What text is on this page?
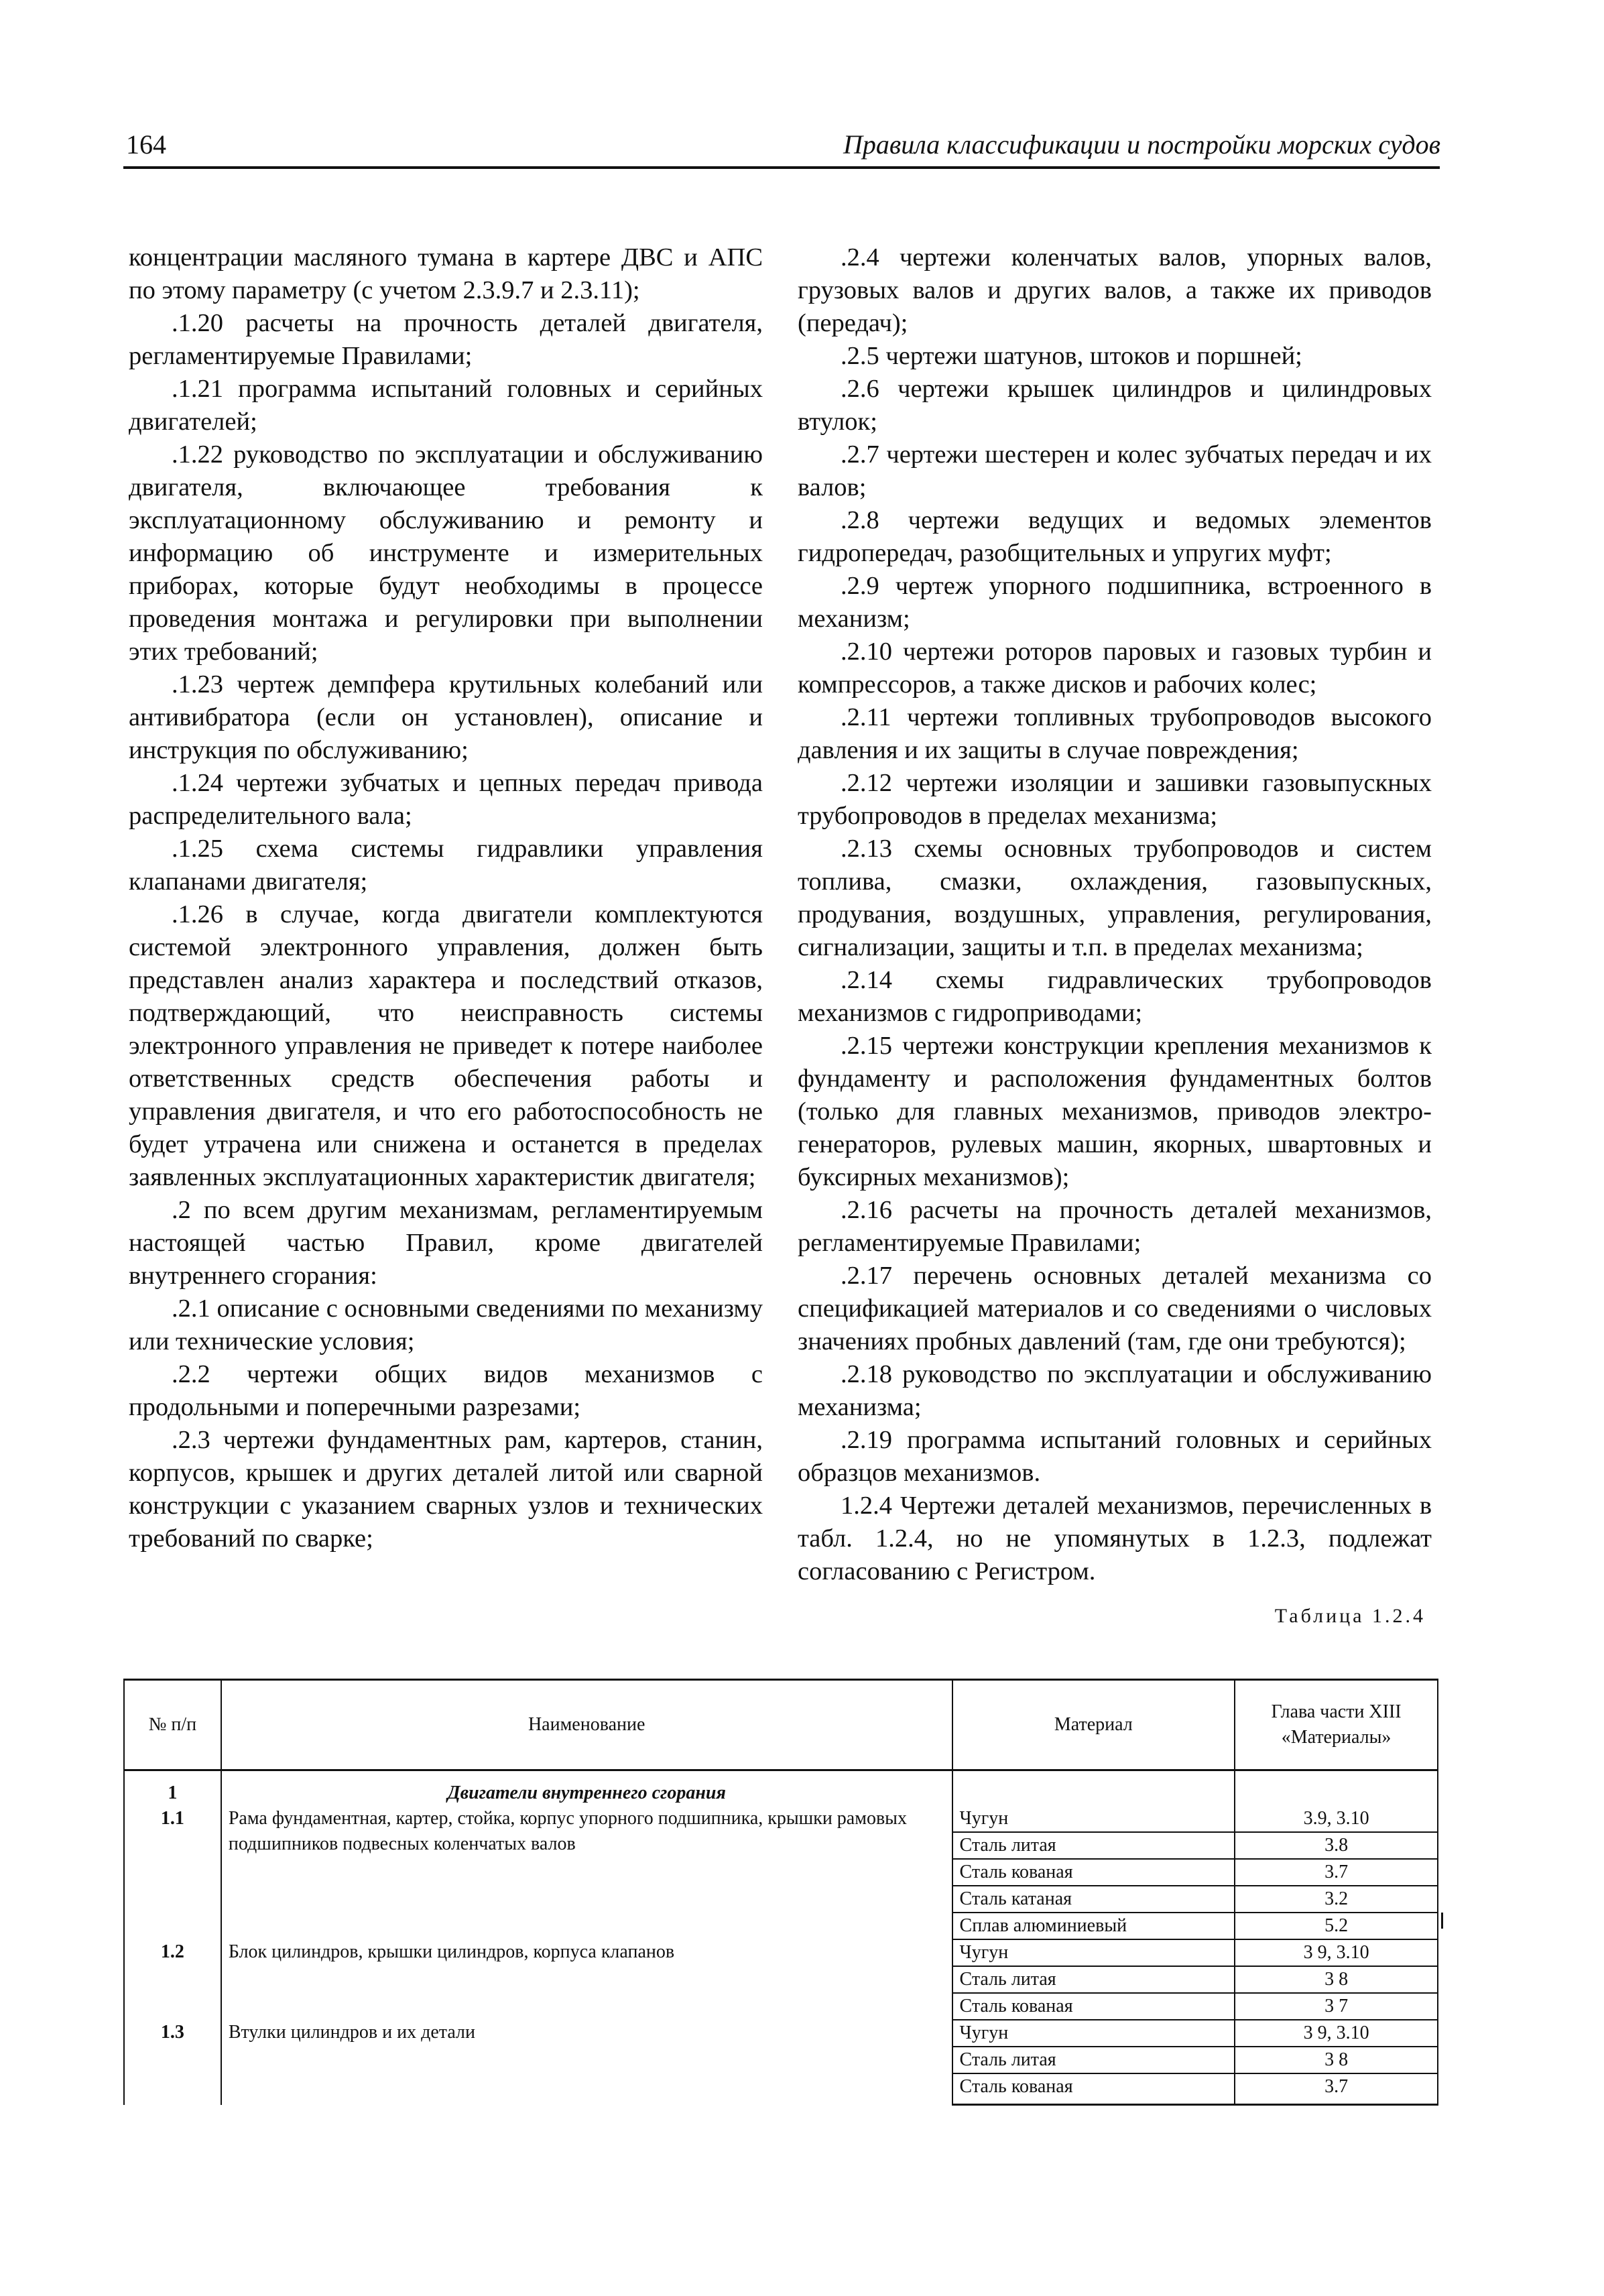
164	Правила классификации и постройки морских судов

концентрации масляного тумана в картере ДВС и АПС по этому параметру (с учетом 2.3.9.7 и 2.3.11);

.1.20 расчеты на прочность деталей двигателя, регламентируемые Правилами;

.1.21 программа испытаний головных и серийных двигателей;

.1.22 руководство по эксплуатации и обслуживанию двигателя, включающее требования к эксплуатационному обслуживанию и ремонту и информацию об инструменте и измерительных приборах, которые будут необходимы в процессе проведения монтажа и регулировки при выполнении этих требований;

.1.23 чертеж демпфера крутильных колебаний или антивибратора (если он установлен), описание и инструкция по обслуживанию;

.1.24 чертежи зубчатых и цепных передач привода распределительного вала;

.1.25 схема системы гидравлики управления клапанами двигателя;

.1.26 в случае, когда двигатели комплектуются системой электронного управления, должен быть представлен анализ характера и последствий отказов, подтверждающий, что неисправность системы электронного управления не приведет к потере наиболее ответственных средств обеспечения работы и управления двигателя, и что его работоспособность не будет утрачена или снижена и останется в пределах заявленных эксплуатационных характеристик двигателя;

.2 по всем другим механизмам, регламентируемым настоящей частью Правил, кроме двигателей внутреннего сгорания:

.2.1 описание с основными сведениями по механизму или технические условия;

.2.2 чертежи общих видов механизмов с продольными и поперечными разрезами;

.2.3 чертежи фундаментных рам, картеров, станин, корпусов, крышек и других деталей литой или сварной конструкции с указанием сварных узлов и технических требований по сварке;

.2.4 чертежи коленчатых валов, упорных валов, грузовых валов и других валов, а также их приводов (передач);

.2.5 чертежи шатунов, штоков и поршней;

.2.6 чертежи крышек цилиндров и цилиндровых втулок;

.2.7 чертежи шестерен и колес зубчатых передач и их валов;

.2.8 чертежи ведущих и ведомых элементов гидропередач, разобщительных и упругих муфт;

.2.9 чертеж упорного подшипника, встроенного в механизм;

.2.10 чертежи роторов паровых и газовых турбин и компрессоров, а также дисков и рабочих колес;

.2.11 чертежи топливных трубопроводов высокого давления и их защиты в случае повреждения;

.2.12 чертежи изоляции и зашивки газовыпускных трубопроводов в пределах механизма;

.2.13 схемы основных трубопроводов и систем топлива, смазки, охлаждения, газовыпускных, продувания, воздушных, управления, регулирования, сигнализации, защиты и т.п. в пределах механизма;

.2.14 схемы гидравлических трубопроводов механизмов с гидроприводами;

.2.15 чертежи конструкции крепления механизмов к фундаменту и расположения фундаментных болтов (только для главных механизмов, приводов электро-генераторов, рулевых машин, якорных, швартовных и буксирных механизмов);

.2.16 расчеты на прочность деталей механизмов, регламентируемые Правилами;

.2.17 перечень основных деталей механизма со спецификацией материалов и со сведениями о числовых значениях пробных давлений (там, где они требуются);

.2.18 руководство по эксплуатации и обслуживанию механизма;

.2.19 программа испытаний головных и серийных образцов механизмов.

1.2.4 Чертежи деталей механизмов, перечисленных в табл. 1.2.4, но не упомянутых в 1.2.3, подлежат согласованию с Регистром.

Таблица 1.2.4
№ п/п	Наименование	Материал	Глава части XIII «Материалы»
1	Двигатели внутреннего сгорания		
1.1	Рама фундаментная, картер, стойка, корпус упорного подшипника, крышки рамовых подшипников подвесных коленчатых валов	Чугун	3.9, 3.10
		Сталь литая	3.8
		Сталь кованая	3.7
		Сталь катаная	3.2
		Сплав алюминиевый	5.2
1.2	Блок цилиндров, крышки цилиндров, корпуса клапанов	Чугун	3 9, 3.10
		Сталь литая	3 8
		Сталь кованая	3 7
1.3	Втулки цилиндров и их детали	Чугун	3 9, 3.10
		Сталь литая	3 8
		Сталь кованая	3.7
